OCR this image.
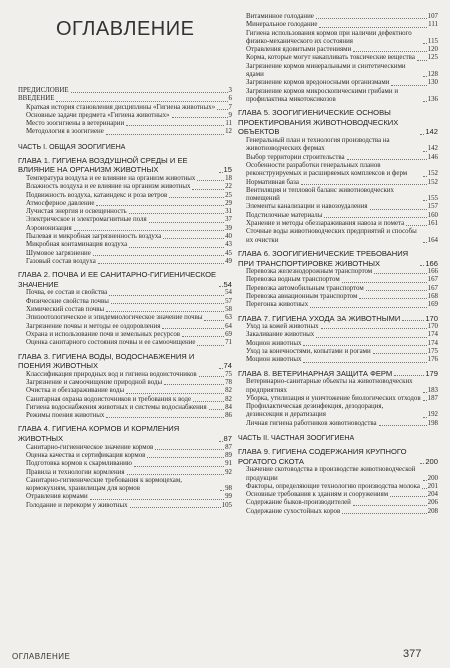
ОГЛАВЛЕНИЕ
ПРЕДИСЛОВИЕ	3
ВВЕДЕНИЕ	6
Краткая история становления дисциплины «Гигиена животных» 7
Основные задачи предмета «Гигиена животных»	9
Место зоогигиены в ветеринарии	11
Методология в зоогигиене	12
ЧАСТЬ I. ОБЩАЯ ЗООГИГИЕНА
ГЛАВА 1. ГИГИЕНА ВОЗДУШНОЙ СРЕДЫ И ЕЕ ВЛИЯНИЕ НА ОРГАНИЗМ ЖИВОТНЫХ	15
Температура воздуха и ее влияние на организм животных	18
Влажность воздуха и ее влияние на организм животных	22
Подвижность воздуха, катаиндекс и роза ветров	25
Атмосферное давление	29
Лучистая энергия и освещенность	31
Электрическое и электромагнитные поля	37
Аэроионизация	39
Пылевая и микробная загрязненность воздуха	40
Микробная контаминация воздуха	43
Шумовое загрязнение	45
Газовый состав воздуха	49
ГЛАВА 2. ПОЧВА И ЕЕ САНИТАРНО-ГИГИЕНИЧЕСКОЕ ЗНАЧЕНИЕ	54
Почва, ее состав и свойства	54
Физические свойства почвы	57
Химический состав почвы	58
Эпизоотологическое и эпидемиологическое значение почвы	63
Загрязнение почвы и методы ее оздоровления	64
Охрана и использование почв и земельных ресурсов	69
Оценка санитарного состояния почвы и ее самоочищение	71
ГЛАВА 3. ГИГИЕНА ВОДЫ, ВОДОСНАБЖЕНИЯ И ПОЕНИЯ ЖИВОТНЫХ	74
Классификация природных вод и гигиена водоисточников	75
Загрязнение и самоочищение природной воды	78
Очистка и обеззараживание воды	82
Санитарная охрана водоисточников и требования к воде	82
Гигиена водоснабжения животных и системы водоснабжения	84
Режимы поения животных	86
ГЛАВА 4. ГИГИЕНА КОРМОВ И КОРМЛЕНИЯ ЖИВОТНЫХ	87
Санитарно-гигиеническое значение кормов	87
Оценка качества и сертификация кормов	89
Подготовка кормов к скармливанию	91
Правила и технологии кормления	92
Санитарно-гигиенические требования к кормоцехам, кормокухням, хранилищам для кормов	98
Отравления кормами	99
Голодание и перекорм у животных	105
Витаминное голодание	107
Минеральное голодание	111
Гигиена использования кормов при наличии дефектного физико-механического их состояния	115
Отравления ядовитыми растениями	120
Корма, которые могут накапливать токсические вещества 125
Загрязнение кормов минеральными и синтетическими ядами	128
Загрязнение кормов вредоносными организмами	130
Загрязнение кормов микроскопическими грибами и профилактика микотоксикозов	136
ГЛАВА 5. ЗООГИГИЕНИЧЕСКИЕ ОСНОВЫ ПРОЕКТИРОВАНИЯ ЖИВОТНОВОДЧЕСКИХ ОБЪЕКТОВ	142
Генеральный план и технология производства на животноводческих фермах	142
Выбор территории строительства	146
Особенности разработки генеральных планов реконструируемых и расширяемых комплексов и ферм	152
Нормативная база	152
Вентиляция и тепловой баланс животноводческих помещений	155
Элементы канализации и навозоудаления	157
Подстилочные материалы	160
Хранение и методы обеззараживания навоза и помета	161
Сточные воды животноводческих предприятий и способы их очистки	164
ГЛАВА 6. ЗООГИГИЕНИЧЕСКИЕ ТРЕБОВАНИЯ ПРИ ТРАНСПОРТИРОВКЕ ЖИВОТНЫХ	166
Перевозка железнодорожным транспортом	166
Перевозка водным транспортом	167
Перевозка автомобильным транспортом	167
Перевозка авиационным транспортом	168
Перегонка животных	169
ГЛАВА 7. ГИГИЕНА УХОДА ЗА ЖИВОТНЫМИ	170
Уход за кожей животных	170
Закаливание животных	174
Моцион животных	174
Уход за конечностями, копытами и рогами	175
Моцион животных	176
ГЛАВА 8. ВЕТЕРИНАРНАЯ ЗАЩИТА ФЕРМ	179
Ветеринарно-санитарные объекты на животноводческих предприятиях	183
Уборка, утилизация и уничтожение биологических отходов 187
Профилактическая дезинфекция, дезодорация, дезинсекция и дератизация	192
Личная гигиена работников животноводства	198
ЧАСТЬ II. ЧАСТНАЯ ЗООГИГИЕНА
ГЛАВА 9. ГИГИЕНА СОДЕРЖАНИЯ КРУПНОГО РОГАТОГО СКОТА	200
Значение скотоводства в производстве животноводческой продукции	200
Факторы, определяющие технологию производства молока 201
Основные требования к зданиям и сооружениям	204
Содержание быков-производителей	206
Содержание сухостойных коров	208
ОГЛАВЛЕНИЕ	377
